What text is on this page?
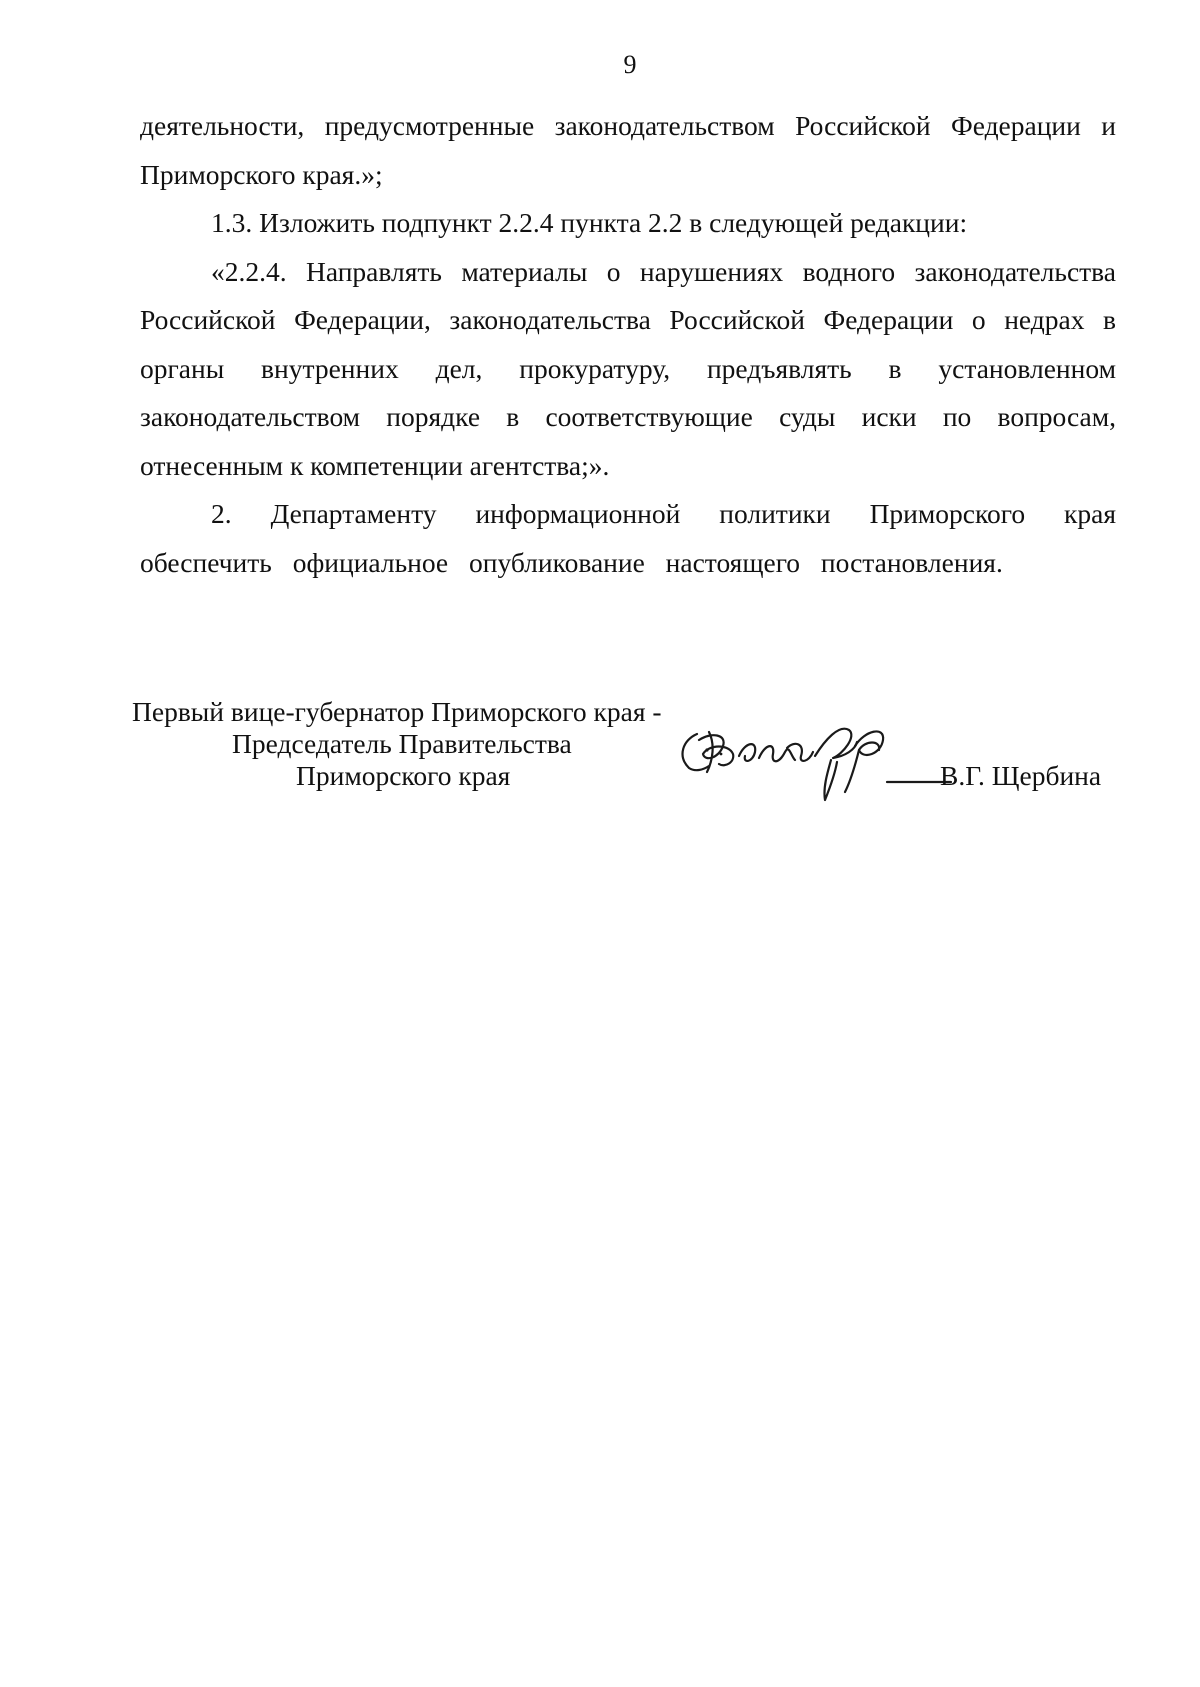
9

деятельности, предусмотренные законодательством Российской Федерации и Приморского края.»;

1.3. Изложить подпункт 2.2.4 пункта 2.2 в следующей редакции:

«2.2.4. Направлять материалы о нарушениях водного законодательства Российской Федерации, законодательства Российской Федерации о недрах в органы внутренних дел, прокуратуру, предъявлять в установленном законодательством порядке в соответствующие суды иски по вопросам, отнесенным к компетенции агентства;».

2. Департаменту информационной политики Приморского края обеспечить официальное опубликование настоящего постановления.

Первый вице-губернатор Приморского края -
Председатель Правительства
Приморского края	В.Г. Щербина
